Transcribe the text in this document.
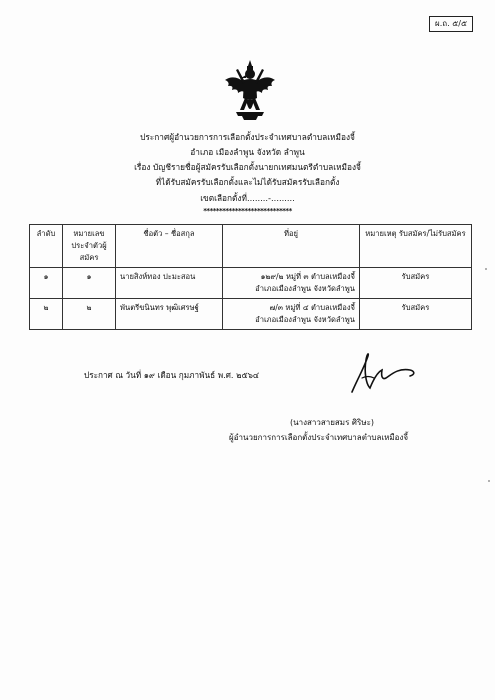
ผ.ถ. ๕/๕
ประกาศผู้อำนวยการการเลือกตั้งประจำเทศบาลตำบลเหมืองจี้
อำเภอ เมืองลำพูน จังหวัด ลำพูน
เรื่อง บัญชีรายชื่อผู้สมัครรับเลือกตั้งนายกเทศมนตรีตำบลเหมืองจี้
ที่ได้รับสมัครรับเลือกตั้งและไม่ได้รับสมัครรับเลือกตั้ง
เขตเลือกตั้งที่........-.........
****************************
ลำดับ	หมายเลขประจำตัวผู้สมัคร	ชื่อตัว – ชื่อสกุล	ที่อยู่	หมายเหตุ รับสมัคร/ไม่รับสมัคร
๑	๑	นายสิงห์ทอง ปะมะสอน	๑๒๙/๒ หมู่ที่ ๓ ตำบลเหมืองจี้
อำเภอเมืองลำพูน จังหวัดลำพูน	รับสมัคร
๒	๒	พันตรีขนินทร พุฒิเศรษฐ์	๗/๓ หมู่ที่ ๔ ตำบลเหมืองจี้
อำเภอเมืองลำพูน จังหวัดลำพูน	รับสมัคร
ประกาศ ณ วันที่ ๑๙ เดือน กุมภาพันธ์ พ.ศ. ๒๕๖๔
(นางสาวสายสมร ศิริษะ)
ผู้อำนวยการการเลือกตั้งประจำเทศบาลตำบลเหมืองจี้
